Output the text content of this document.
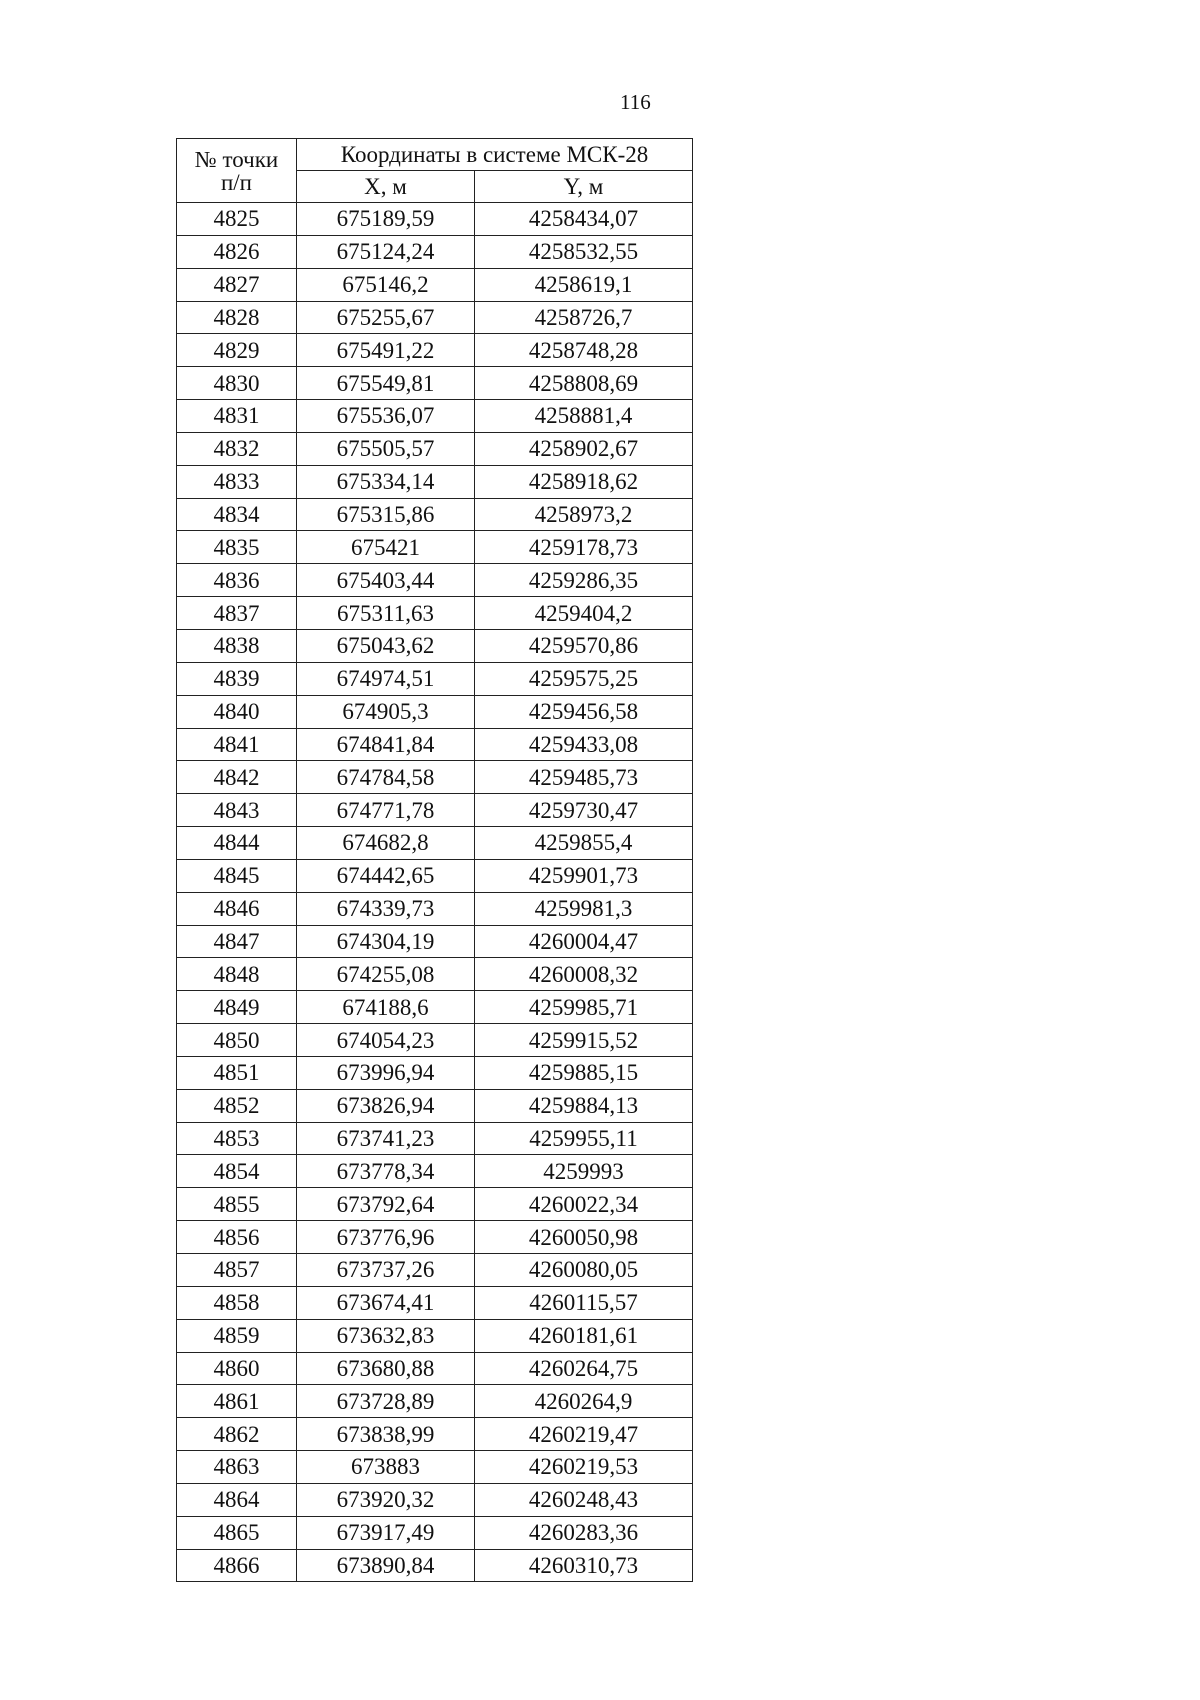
116
№ точки
п/п	Координаты в системе МСК-28	
	X, м	Y, м
4825	675189,59	4258434,07
4826	675124,24	4258532,55
4827	675146,2	4258619,1
4828	675255,67	4258726,7
4829	675491,22	4258748,28
4830	675549,81	4258808,69
4831	675536,07	4258881,4
4832	675505,57	4258902,67
4833	675334,14	4258918,62
4834	675315,86	4258973,2
4835	675421	4259178,73
4836	675403,44	4259286,35
4837	675311,63	4259404,2
4838	675043,62	4259570,86
4839	674974,51	4259575,25
4840	674905,3	4259456,58
4841	674841,84	4259433,08
4842	674784,58	4259485,73
4843	674771,78	4259730,47
4844	674682,8	4259855,4
4845	674442,65	4259901,73
4846	674339,73	4259981,3
4847	674304,19	4260004,47
4848	674255,08	4260008,32
4849	674188,6	4259985,71
4850	674054,23	4259915,52
4851	673996,94	4259885,15
4852	673826,94	4259884,13
4853	673741,23	4259955,11
4854	673778,34	4259993
4855	673792,64	4260022,34
4856	673776,96	4260050,98
4857	673737,26	4260080,05
4858	673674,41	4260115,57
4859	673632,83	4260181,61
4860	673680,88	4260264,75
4861	673728,89	4260264,9
4862	673838,99	4260219,47
4863	673883	4260219,53
4864	673920,32	4260248,43
4865	673917,49	4260283,36
4866	673890,84	4260310,73
